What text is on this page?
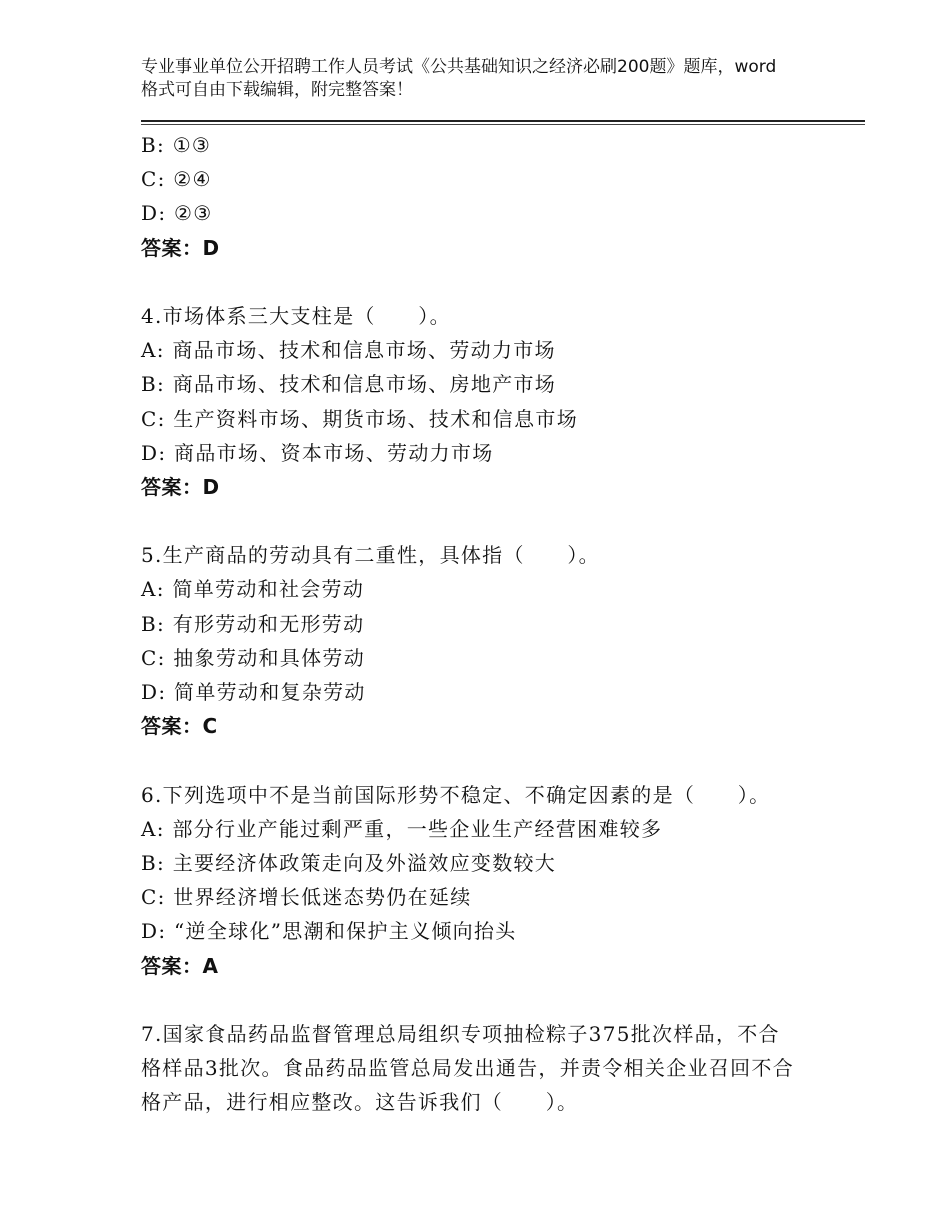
专业事业单位公开招聘工作人员考试《公共基础知识之经济必刷200题》题库，word格式可自由下载编辑，附完整答案！
B: ①③
C: ②④
D: ②③
答案：D
4.市场体系三大支柱是（　　）。
A: 商品市场、技术和信息市场、劳动力市场
B: 商品市场、技术和信息市场、房地产市场
C: 生产资料市场、期货市场、技术和信息市场
D: 商品市场、资本市场、劳动力市场
答案：D
5.生产商品的劳动具有二重性，具体指（　　）。
A: 简单劳动和社会劳动
B: 有形劳动和无形劳动
C: 抽象劳动和具体劳动
D: 简单劳动和复杂劳动
答案：C
6.下列选项中不是当前国际形势不稳定、不确定因素的是（　　）。
A: 部分行业产能过剩严重，一些企业生产经营困难较多
B: 主要经济体政策走向及外溢效应变数较大
C: 世界经济增长低迷态势仍在延续
D: “逆全球化”思潮和保护主义倾向抬头
答案：A
7.国家食品药品监督管理总局组织专项抽检粽子375批次样品，不合格样品3批次。食品药品监管总局发出通告，并责令相关企业召回不合格产品，进行相应整改。这告诉我们（　　）。
